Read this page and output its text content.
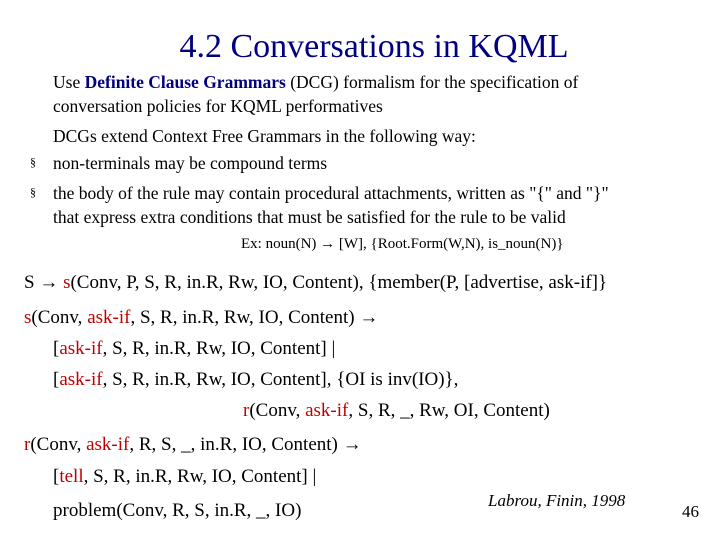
4.2 Conversations in KQML
Use Definite Clause Grammars (DCG) formalism for the specification of
conversation policies for KQML performatives
DCGs extend Context Free Grammars in the following way:
§ non-terminals may be compound terms
§ the body of the rule may contain procedural attachments, written as "{" and "}"
that express extra conditions that must be satisfied for the rule to be valid
Ex: noun(N) → [W], {Root.Form(W,N), is_noun(N)}
S → s(Conv, P, S, R, in.R, Rw, IO, Content), {member(P, [advertise, ask-if]}
s(Conv, ask-if, S, R, in.R, Rw, IO, Content) →
[ask-if, S, R, in.R, Rw, IO, Content] |
[ask-if, S, R, in.R, Rw, IO, Content], {OI is inv(IO)},
r(Conv, ask-if, S, R, _, Rw, OI, Content)
r(Conv, ask-if, R, S, _, in.R, IO, Content) →
[tell, S, R, in.R, Rw, IO, Content] |
problem(Conv, R, S, in.R, _, IO)	Labrou, Finin, 1998
46
